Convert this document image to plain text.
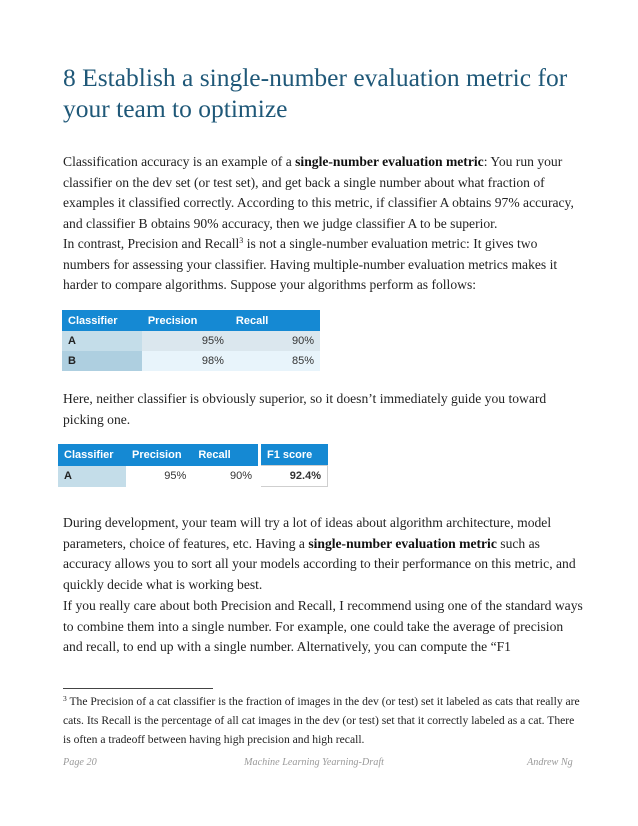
8 Establish a single-number evaluation metric for your team to optimize

Classification accuracy is an example of a single-number evaluation metric: You run your classifier on the dev set (or test set), and get back a single number about what fraction of examples it classified correctly. According to this metric, if classifier A obtains 97% accuracy, and classifier B obtains 90% accuracy, then we judge classifier A to be superior.

In contrast, Precision and Recall$^3$ is not a single-number evaluation metric: It gives two numbers for assessing your classifier. Having multiple-number evaluation metrics makes it harder to compare algorithms. Suppose your algorithms perform as follows:

Classifier	Precision	Recall
A	95%	90%
B	98%	85%

Here, neither classifier is obviously superior, so it doesn’t immediately guide you toward picking one.

Classifier	Precision	Recall	F1 score
A	95%	90%	92.4%

During development, your team will try a lot of ideas about algorithm architecture, model parameters, choice of features, etc. Having a single-number evaluation metric such as accuracy allows you to sort all your models according to their performance on this metric, and quickly decide what is working best.

If you really care about both Precision and Recall, I recommend using one of the standard ways to combine them into a single number. For example, one could take the average of precision and recall, to end up with a single number. Alternatively, you can compute the “F1

$^3$ The Precision of a cat classifier is the fraction of images in the dev (or test) set it labeled as cats that really are cats. Its Recall is the percentage of all cat images in the dev (or test) set that it correctly labeled as a cat. There is often a tradeoff between having high precision and high recall.

Page 20	Machine Learning Yearning-Draft	Andrew Ng
